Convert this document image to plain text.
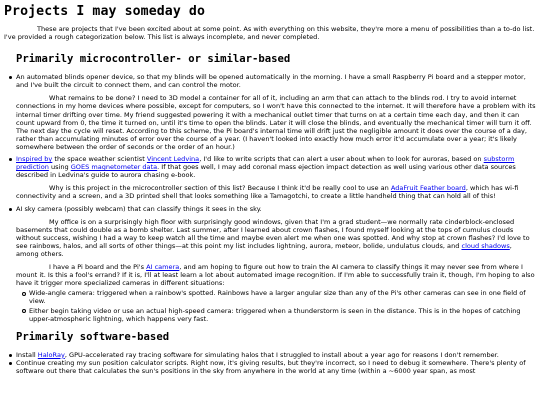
Projects I may someday do

These are projects that I've been excited about at some point. As with everything on this website, they're more a menu of possibilities than a to-do list. I've provided a rough categorization below. This list is always incomplete, and never completed.

Primarily microcontroller- or similar-based
An automated blinds opener device, so that my blinds will be opened automatically in the morning. I have a small Raspberry Pi board and a stepper motor, and I've built the circuit to connect them, and can control the motor.

What remains to be done? I need to 3D model a container for all of it, including an arm that can attach to the blinds rod. I try to avoid internet connections in my home devices where possible, except for computers, so I won't have this connected to the internet. It will therefore have a problem with its internal timer drifting over time. My friend suggested powering it with a mechanical outlet timer that turns on at a certain time each day, and then it can count upward from 0, the time it turned on, until it's time to open the blinds. Later it will close the blinds, and eventually the mechanical timer will turn it off. The next day the cycle will reset. According to this scheme, the Pi board's internal time will drift just the negligible amount it does over the course of a day, rather than accumulating minutes of error over the course of a year. (I haven't looked into exactly how much error it'd accumulate over a year; it's likely somewhere between the order of seconds or the order of an hour.)

Inspired by the space weather scientist Vincent Ledvina, I'd like to write scripts that can alert a user about when to look for auroras, based on substorm prediction using GOES magnetometer data. If that goes well, I may add coronal mass ejection impact detection as well using various other data sources described in Ledvina's guide to aurora chasing e-book.

Why is this project in the microcontroller section of this list? Because I think it'd be really cool to use an AdaFruit Feather board, which has wi-fi connectivity and a screen, and a 3D printed shell that looks something like a Tamagotchi, to create a little handheld thing that can hold all of this!

AI sky camera (possibly webcam) that can classify things it sees in the sky.

My office is on a surprisingly high floor with surprisingly good windows, given that I'm a grad student—we normally rate cinderblock-enclosed basements that could double as a bomb shelter. Last summer, after I learned about crown flashes, I found myself looking at the tops of cumulus clouds without success, wishing I had a way to keep watch all the time and maybe even alert me when one was spotted. And why stop at crown flashes? I'd love to see rainbows, halos, and all sorts of other things—at this point my list includes lightning, aurora, meteor, bolide, undulatus clouds, and cloud shadows, among others.

I have a Pi board and the Pi's AI camera, and am hoping to figure out how to train the AI camera to classify things it may never see from where I mount it. Is this a fool's errand? If it is, I'll at least learn a lot about automated image recognition. If I'm able to successfully train it, though, I'm hoping to also have it trigger more specialized cameras in different situations:

Wide-angle camera: triggered when a rainbow's spotted. Rainbows have a larger angular size than any of the Pi's other cameras can see in one field of view.
Either begin taking video or use an actual high-speed camera: triggered when a thunderstorm is seen in the distance. This is in the hopes of catching upper-atmospheric lightning, which happens very fast.
Primarily software-based
Install HaloRay, GPU-accelerated ray tracing software for simulating halos that I struggled to install about a year ago for reasons I don't remember.
Continue creating my sun position calculator scripts. Right now, it's giving results, but they're incorrect, so I need to debug it somewhere. There's plenty of software out there that calculates the sun's positions in the sky from anywhere in the world at any time (within a ~6000 year span, as most
